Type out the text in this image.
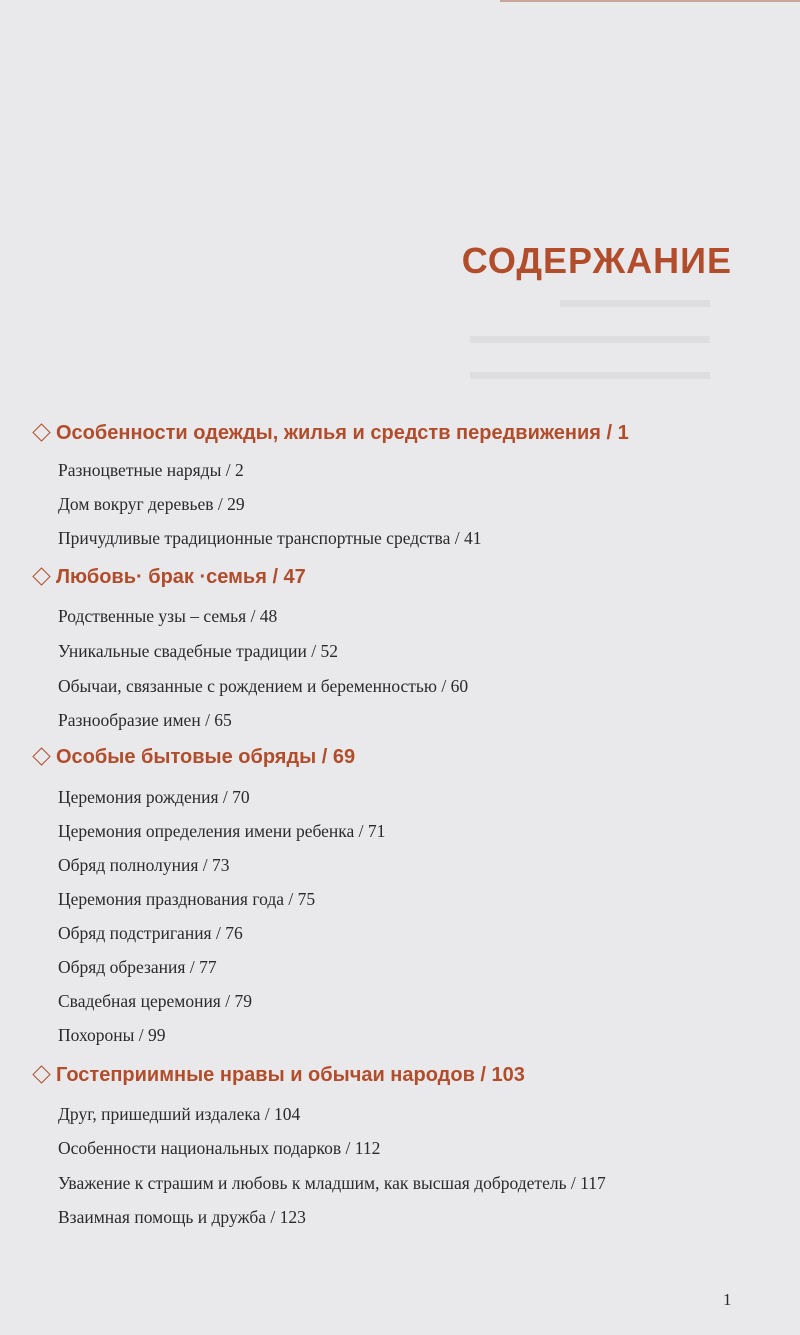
СОДЕРЖАНИЕ
Особенности одежды, жилья и средств передвижения / 1
Разноцветные наряды / 2
Дом вокруг деревьев / 29
Причудливые традиционные транспортные средства / 41
Любовь· брак ·семья / 47
Родственные узы – семья / 48
Уникальные свадебные традиции / 52
Обычаи, связанные с рождением и беременностью / 60
Разнообразие имен / 65
Особые бытовые обряды / 69
Церемония рождения / 70
Церемония определения имени ребенка / 71
Обряд полнолуния / 73
Церемония празднования года / 75
Обряд подстригания / 76
Обряд обрезания / 77
Свадебная церемония / 79
Похороны / 99
Гостеприимные нравы и обычаи народов / 103
Друг, пришедший издалека / 104
Особенности национальных подарков / 112
Уважение к страшим и любовь к младшим, как высшая добродетель / 117
Взаимная помощь и дружба / 123
1
